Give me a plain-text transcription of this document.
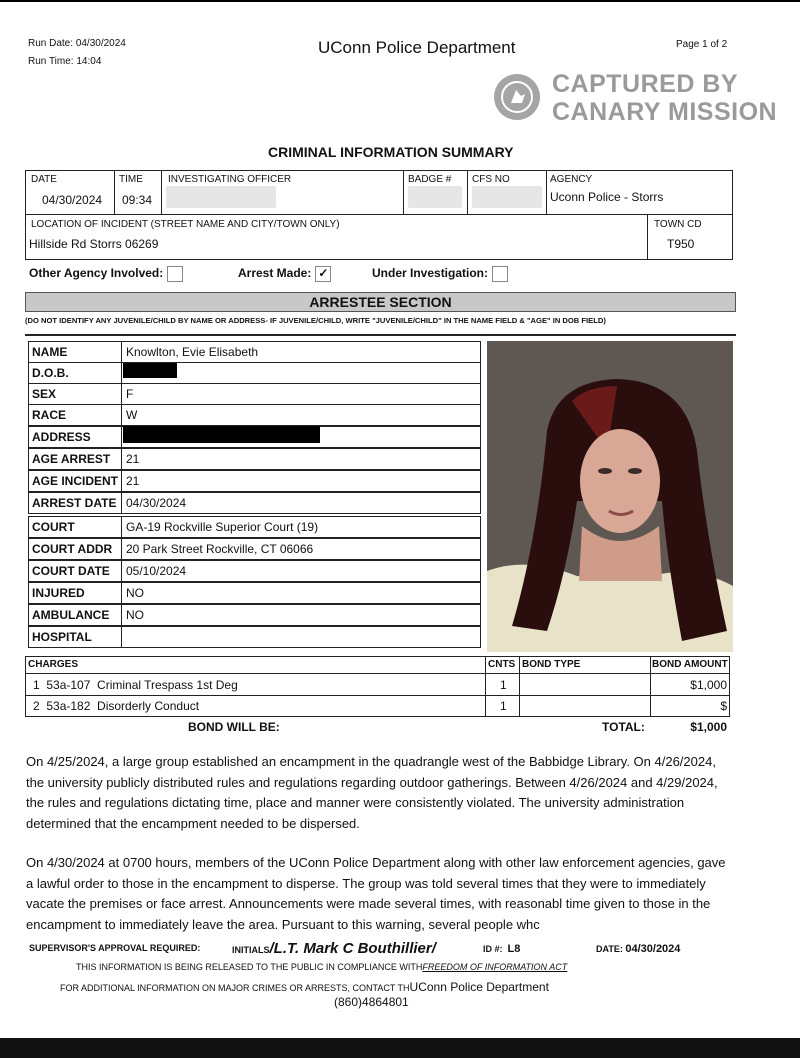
Run Date: 04/30/2024
Run Time: 14:04
UConn Police Department	Page 1 of 2
CAPTURED BY
CANARY MISSION
CRIMINAL INFORMATION SUMMARY
DATE
04/30/2024
TIME
09:34
INVESTIGATING OFFICER	BADGE # CFS NO	AGENCY
Uconn Police - Storrs
LOCATION OF INCIDENT (STREET NAME AND CITY/TOWN ONLY)
Hillside Rd Storrs 06269
TOWN CD
T950
Other Agency Involved:	Arrest Made: ✓	Under Investigation:
ARRESTEE SECTION
(DO NOT IDENTIFY ANY JUVENILE/CHILD BY NAME OR ADDRESS- IF JUVENILE/CHILD, WRITE "JUVENILE/CHILD" IN THE NAME FIELD & "AGE" IN DOB FIELD)
NAME	Knowlton, Evie Elisabeth
D.O.B.
SEX	F
RACE	W
ADDRESS
AGE ARREST	21
AGE INCIDENT 21
ARREST DATE 04/30/2024
COURT	GA-19 Rockville Superior Court (19)
COURT ADDR	20 Park Street Rockville, CT 06066
COURT DATE	05/10/2024
INJURED	NO
AMBULANCE	NO
HOSPITAL
CHARGES	CNTS BOND TYPE	BOND AMOUNT
1  53a-107  Criminal Trespass 1st Deg	1	$1,000
2  53a-182  Disorderly Conduct	1	$
BOND WILL BE:	TOTAL:	$1,000
On 4/25/2024, a large group established an encampment in the quadrangle west of the Babbidge Library. On 4/26/2024, the university publicly distributed rules and regulations regarding outdoor gatherings. Between 4/26/2024 and 4/29/2024, the rules and regulations dictating time, place and manner were consistently violated. The university administration determined that the encampment needed to be dispersed.
On 4/30/2024 at 0700 hours, members of the UConn Police Department along with other law enforcement agencies, gave a lawful order to those in the encampment to disperse. The group was told several times that they were to immediately vacate the premises or face arrest. Announcements were made several times, with reasonabl time given to those in the encampment to immediately leave the area. Pursuant to this warning, several people whc
SUPERVISOR'S APPROVAL REQUIRED:	INITIALS/L.T. Mark C Bouthillier/	ID #: L8	DATE: 04/30/2024
THIS INFORMATION IS BEING RELEASED TO THE PUBLIC IN COMPLIANCE WITHFREEDOM OF INFORMATION ACT
FOR ADDITIONAL INFORMATION ON MAJOR CRIMES OR ARRESTS, CONTACT THUConn Police Department
(860)4864801
